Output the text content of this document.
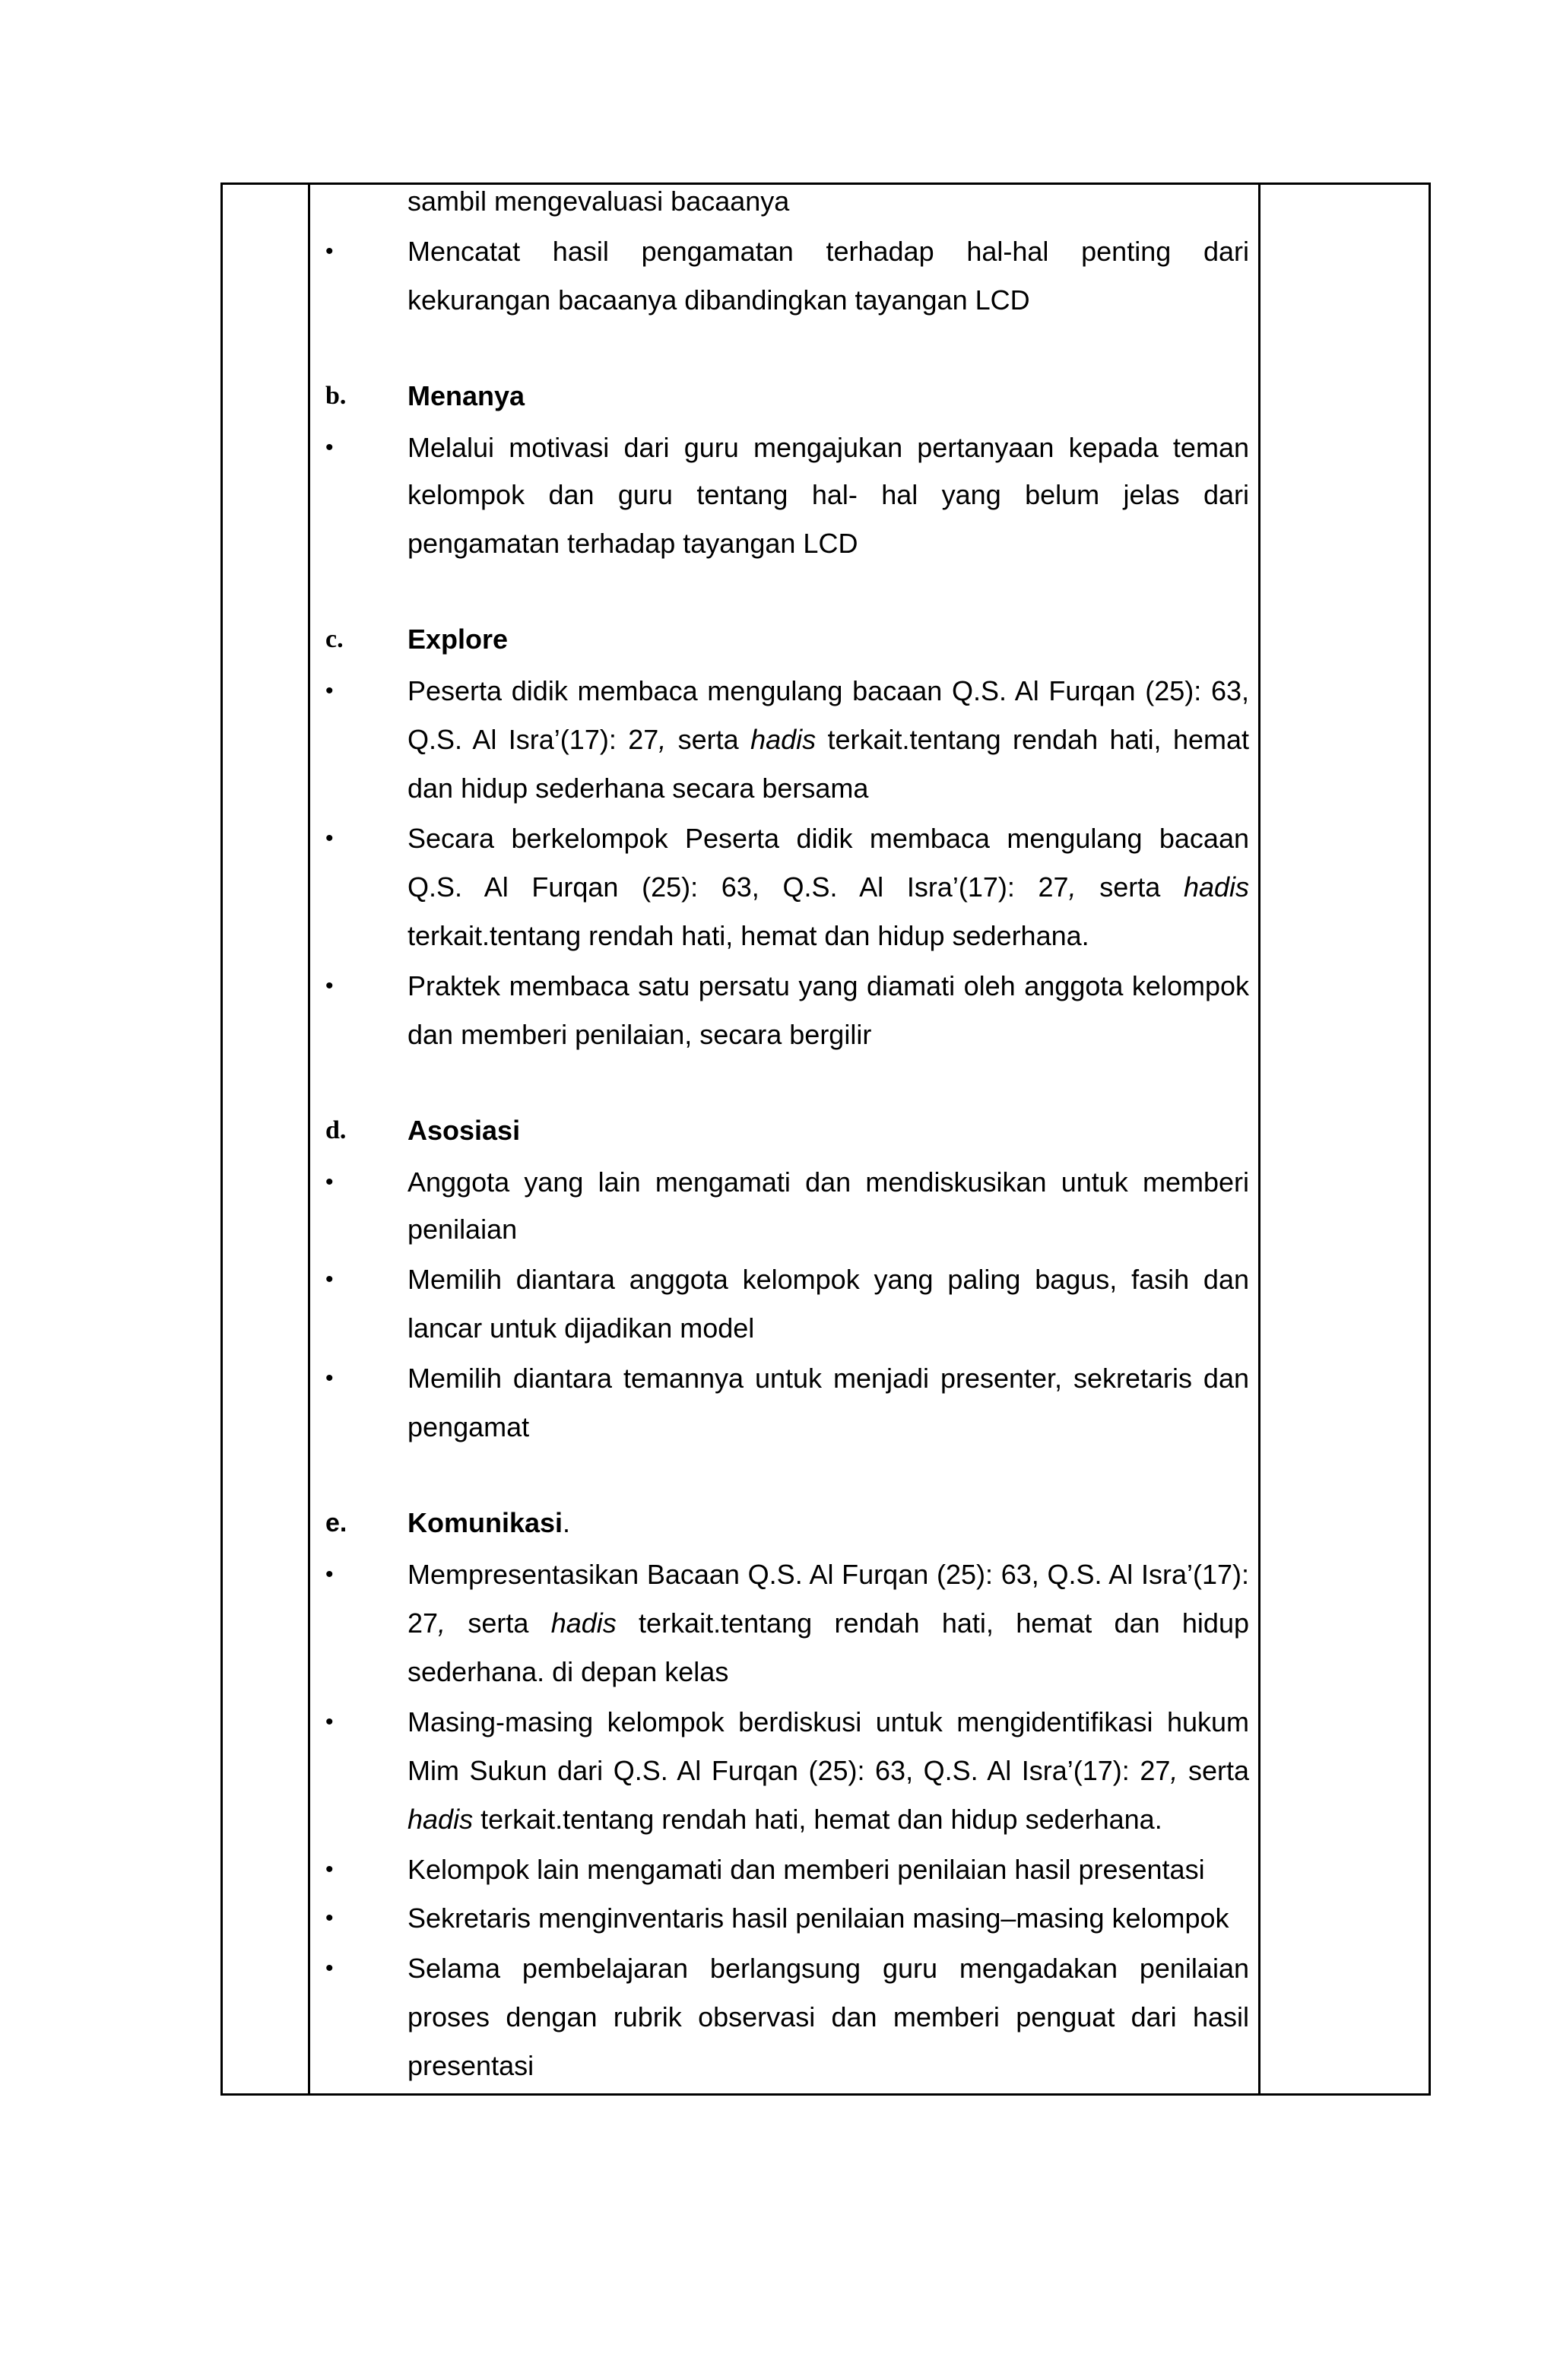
sambil mengevaluasi bacaanya
•	Mencatat hasil pengamatan terhadap hal-hal penting dari
kekurangan bacaanya dibandingkan tayangan LCD
b. Menanya
•	Melalui motivasi dari guru mengajukan pertanyaan kepada teman
kelompok dan guru tentang hal- hal yang belum jelas dari
pengamatan terhadap tayangan LCD
c. Explore
•	Peserta didik membaca mengulang bacaan Q.S. Al Furqan (25): 63,
Q.S. Al Isra’(17): 27, serta hadis terkait.tentang rendah hati, hemat
dan hidup sederhana secara bersama
•	Secara berkelompok Peserta didik membaca mengulang bacaan
Q.S. Al Furqan (25): 63, Q.S. Al Isra’(17): 27, serta hadis
terkait.tentang rendah hati, hemat dan hidup sederhana.
•	Praktek membaca satu persatu yang diamati oleh anggota kelompok
dan memberi penilaian, secara bergilir
d. Asosiasi
•	Anggota yang lain mengamati dan mendiskusikan untuk memberi
penilaian
•	Memilih diantara anggota kelompok yang paling bagus, fasih dan
lancar untuk dijadikan model
•	Memilih diantara temannya untuk menjadi presenter, sekretaris dan
pengamat
e. Komunikasi.
•	Mempresentasikan Bacaan Q.S. Al Furqan (25): 63, Q.S. Al Isra’(17):
27, serta hadis terkait.tentang rendah hati, hemat dan hidup
sederhana. di depan kelas
•	Masing-masing kelompok berdiskusi untuk mengidentifikasi hukum
Mim Sukun dari Q.S. Al Furqan (25): 63, Q.S. Al Isra’(17): 27, serta
hadis terkait.tentang rendah hati, hemat dan hidup sederhana.
•	Kelompok lain mengamati dan memberi penilaian hasil presentasi
•	Sekretaris menginventaris hasil penilaian masing–masing kelompok
•	Selama pembelajaran berlangsung guru mengadakan penilaian
proses dengan rubrik observasi dan memberi penguat dari hasil
presentasi
